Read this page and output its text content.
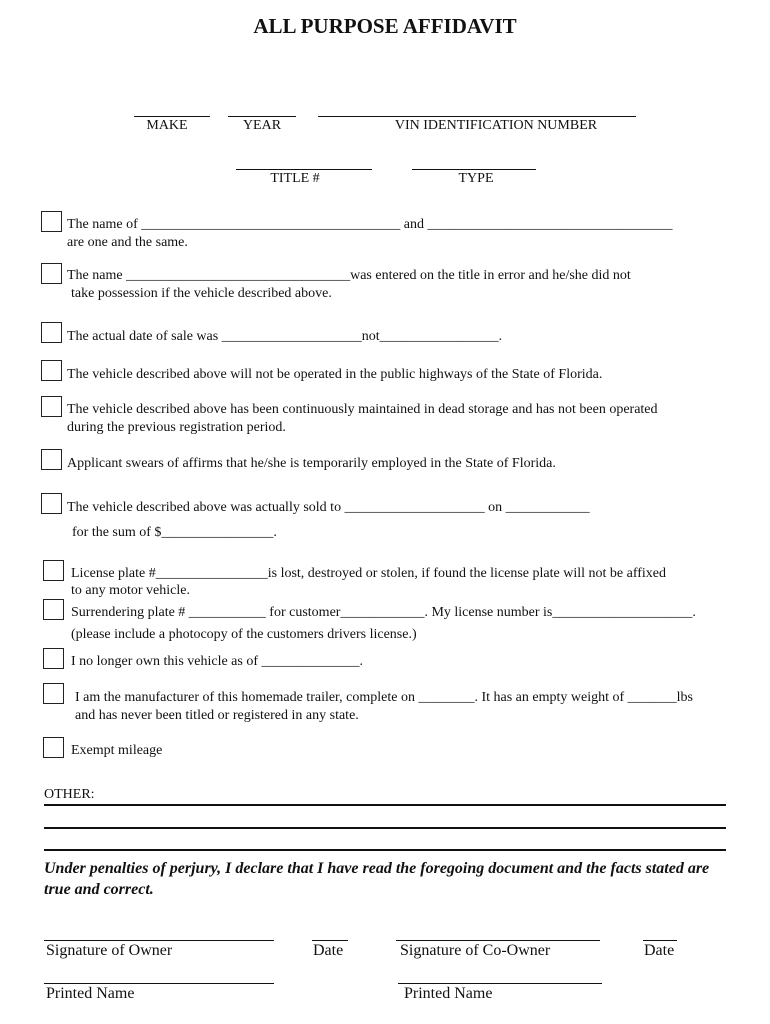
ALL PURPOSE AFFIDAVIT
MAKE	YEAR	VIN IDENTIFICATION NUMBER
TITLE #	TYPE
The name of _____________________________________ and ___________________________________
are one and the same.
The name ________________________________was entered on the title in error and he/she did not
take possession if the vehicle described above.
The actual date of sale was ____________________not_________________.
The vehicle described above will not be operated in the public highways of the State of Florida.
The vehicle described above has been continuously maintained in dead storage and has not been operated
during the previous registration period.
Applicant swears of affirms that he/she is temporarily employed in the State of Florida.
The vehicle described above was actually sold to ____________________ on ____________
for the sum of $________________.
License plate #________________is lost, destroyed or stolen, if found the license plate will not be affixed
to any motor vehicle.
Surrendering plate # ___________ for customer____________. My license number is____________________.
(please include a photocopy of the customers drivers license.)
I no longer own this vehicle as of ______________.
I am the manufacturer of this homemade trailer, complete on ________. It has an empty weight of _______lbs
and has never been titled or registered in any state.
Exempt mileage
OTHER:
Under penalties of perjury, I declare that I have read the foregoing document and the facts stated are true and correct.
Signature of Owner	Date	Signature of Co-Owner	Date
Printed Name	Printed Name
